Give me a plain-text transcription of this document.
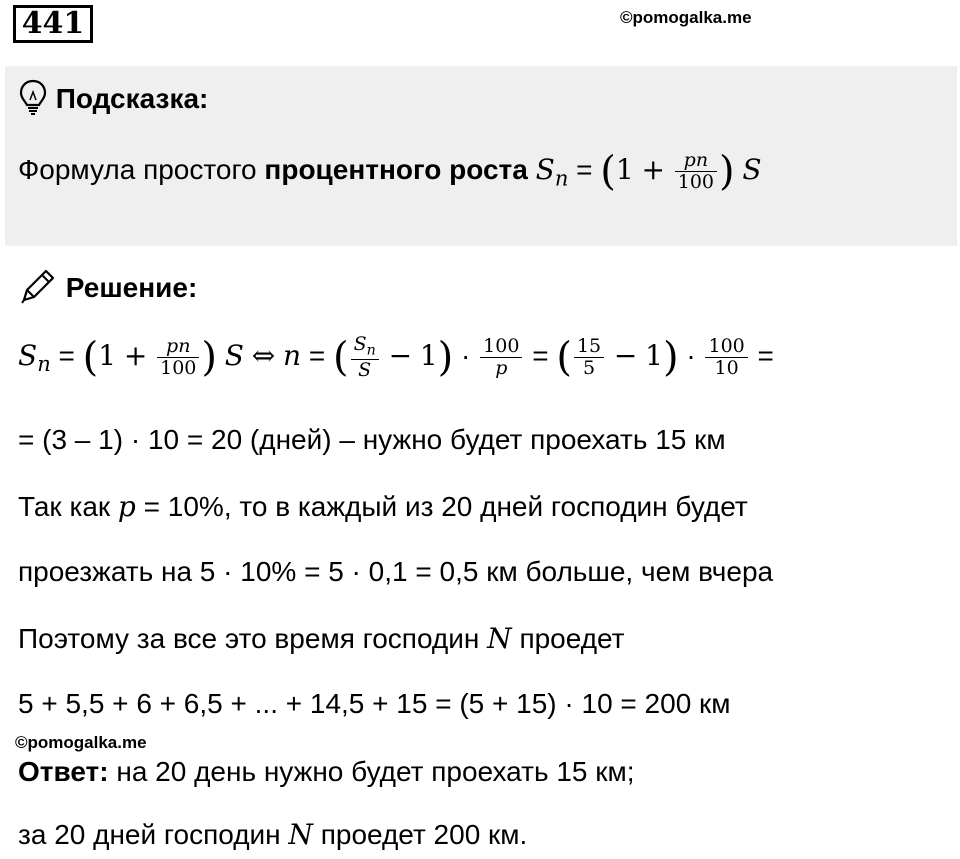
441	©pomogalka.me
Подсказка:
Формула простого процентного роста $S_n = (1 + \frac{pn}{100}$ ) S
Решение:
$S_n = (1 + \frac{pn}{100}$ ) S ⇔ n = ( $\frac{S_n}{S} - 1) \cdot \frac{100}{p}$ = ( $\frac{15}{5} - 1) \cdot \frac{100}{10}$ =
= (3 – 1) · 10 = 20 (дней) – нужно будет проехать 15 км
Так как p = 10%, то в каждый из 20 дней господин будет
проезжать на 5 · 10% = 5 · 0,1 = 0,5 км больше, чем вчера
Поэтому за все это время господин N проедет
5 + 5,5 + 6 + 6,5 + ... + 14,5 + 15 = (5 + 15) · 10 = 200 км
©pomogalka.me
Ответ: на 20 день нужно будет проехать 15 км;
за 20 дней господин N проедет 200 км.
